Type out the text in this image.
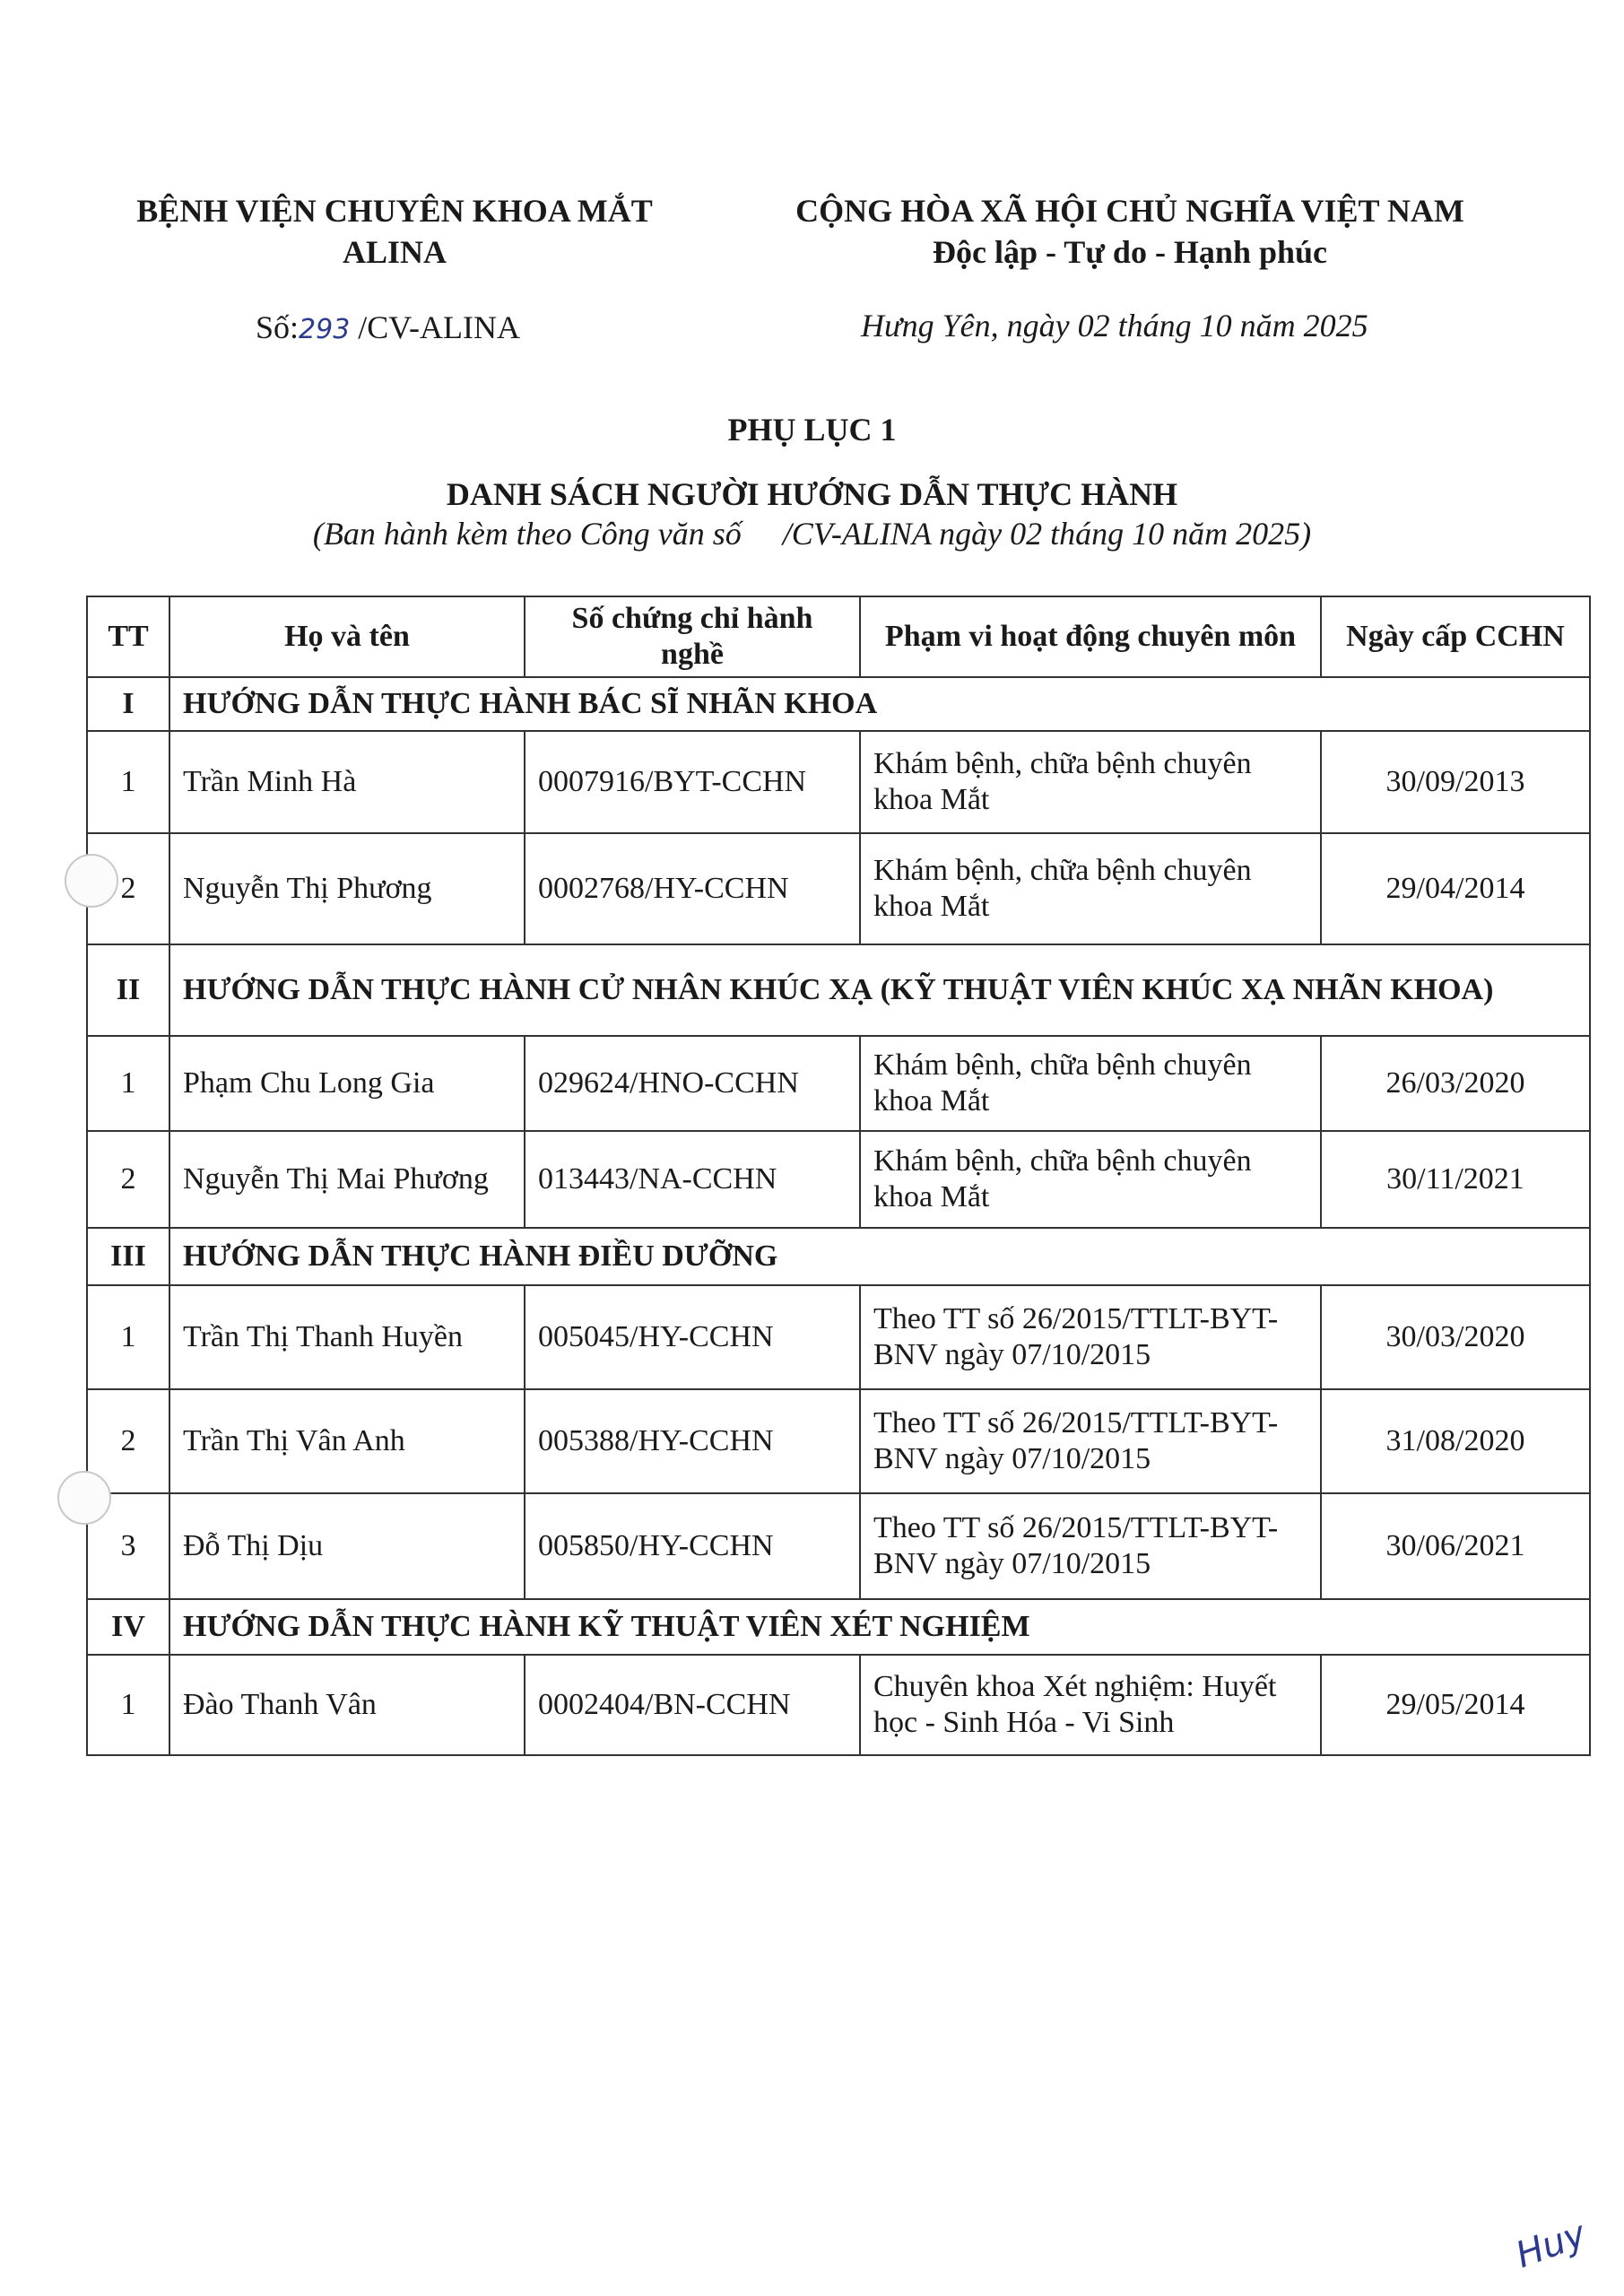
BỆNH VIỆN CHUYÊN KHOA MẮT
ALINA
CỘNG HÒA XÃ HỘI CHỦ NGHĨA VIỆT NAM
Độc lập - Tự do - Hạnh phúc
Số:293 /CV-ALINA	Hưng Yên, ngày 02 tháng 10 năm 2025
PHỤ LỤC 1
DANH SÁCH NGƯỜI HƯỚNG DẪN THỰC HÀNH
(Ban hành kèm theo Công văn số /CV-ALINA ngày 02 tháng 10 năm 2025)
TT	Họ và tên	Số chứng chỉ hành nghề	Phạm vi hoạt động chuyên môn	Ngày cấp CCHN
I	HƯỚNG DẪN THỰC HÀNH BÁC SĨ NHÃN KHOA			
1	Trần Minh Hà	0007916/BYT-CCHN	Khám bệnh, chữa bệnh chuyên khoa Mắt	30/09/2013
2	Nguyễn Thị Phương	0002768/HY-CCHN	Khám bệnh, chữa bệnh chuyên khoa Mắt	29/04/2014
II	HƯỚNG DẪN THỰC HÀNH CỬ NHÂN KHÚC XẠ (KỸ THUẬT VIÊN KHÚC XẠ NHÃN KHOA)			
1	Phạm Chu Long Gia	029624/HNO-CCHN	Khám bệnh, chữa bệnh chuyên khoa Mắt	26/03/2020
2	Nguyễn Thị Mai Phương	013443/NA-CCHN	Khám bệnh, chữa bệnh chuyên khoa Mắt	30/11/2021
III	HƯỚNG DẪN THỰC HÀNH ĐIỀU DƯỠNG			
1	Trần Thị Thanh Huyền	005045/HY-CCHN	Theo TT số 26/2015/TTLT-BYT-BNV ngày 07/10/2015	30/03/2020
2	Trần Thị Vân Anh	005388/HY-CCHN	Theo TT số 26/2015/TTLT-BYT-BNV ngày 07/10/2015	31/08/2020
3	Đỗ Thị Dịu	005850/HY-CCHN	Theo TT số 26/2015/TTLT-BYT-BNV ngày 07/10/2015	30/06/2021
IV	HƯỚNG DẪN THỰC HÀNH KỸ THUẬT VIÊN XÉT NGHIỆM			
1	Đào Thanh Vân	0002404/BN-CCHN	Chuyên khoa Xét nghiệm: Huyết học - Sinh Hóa - Vi Sinh	29/05/2014
Huy
